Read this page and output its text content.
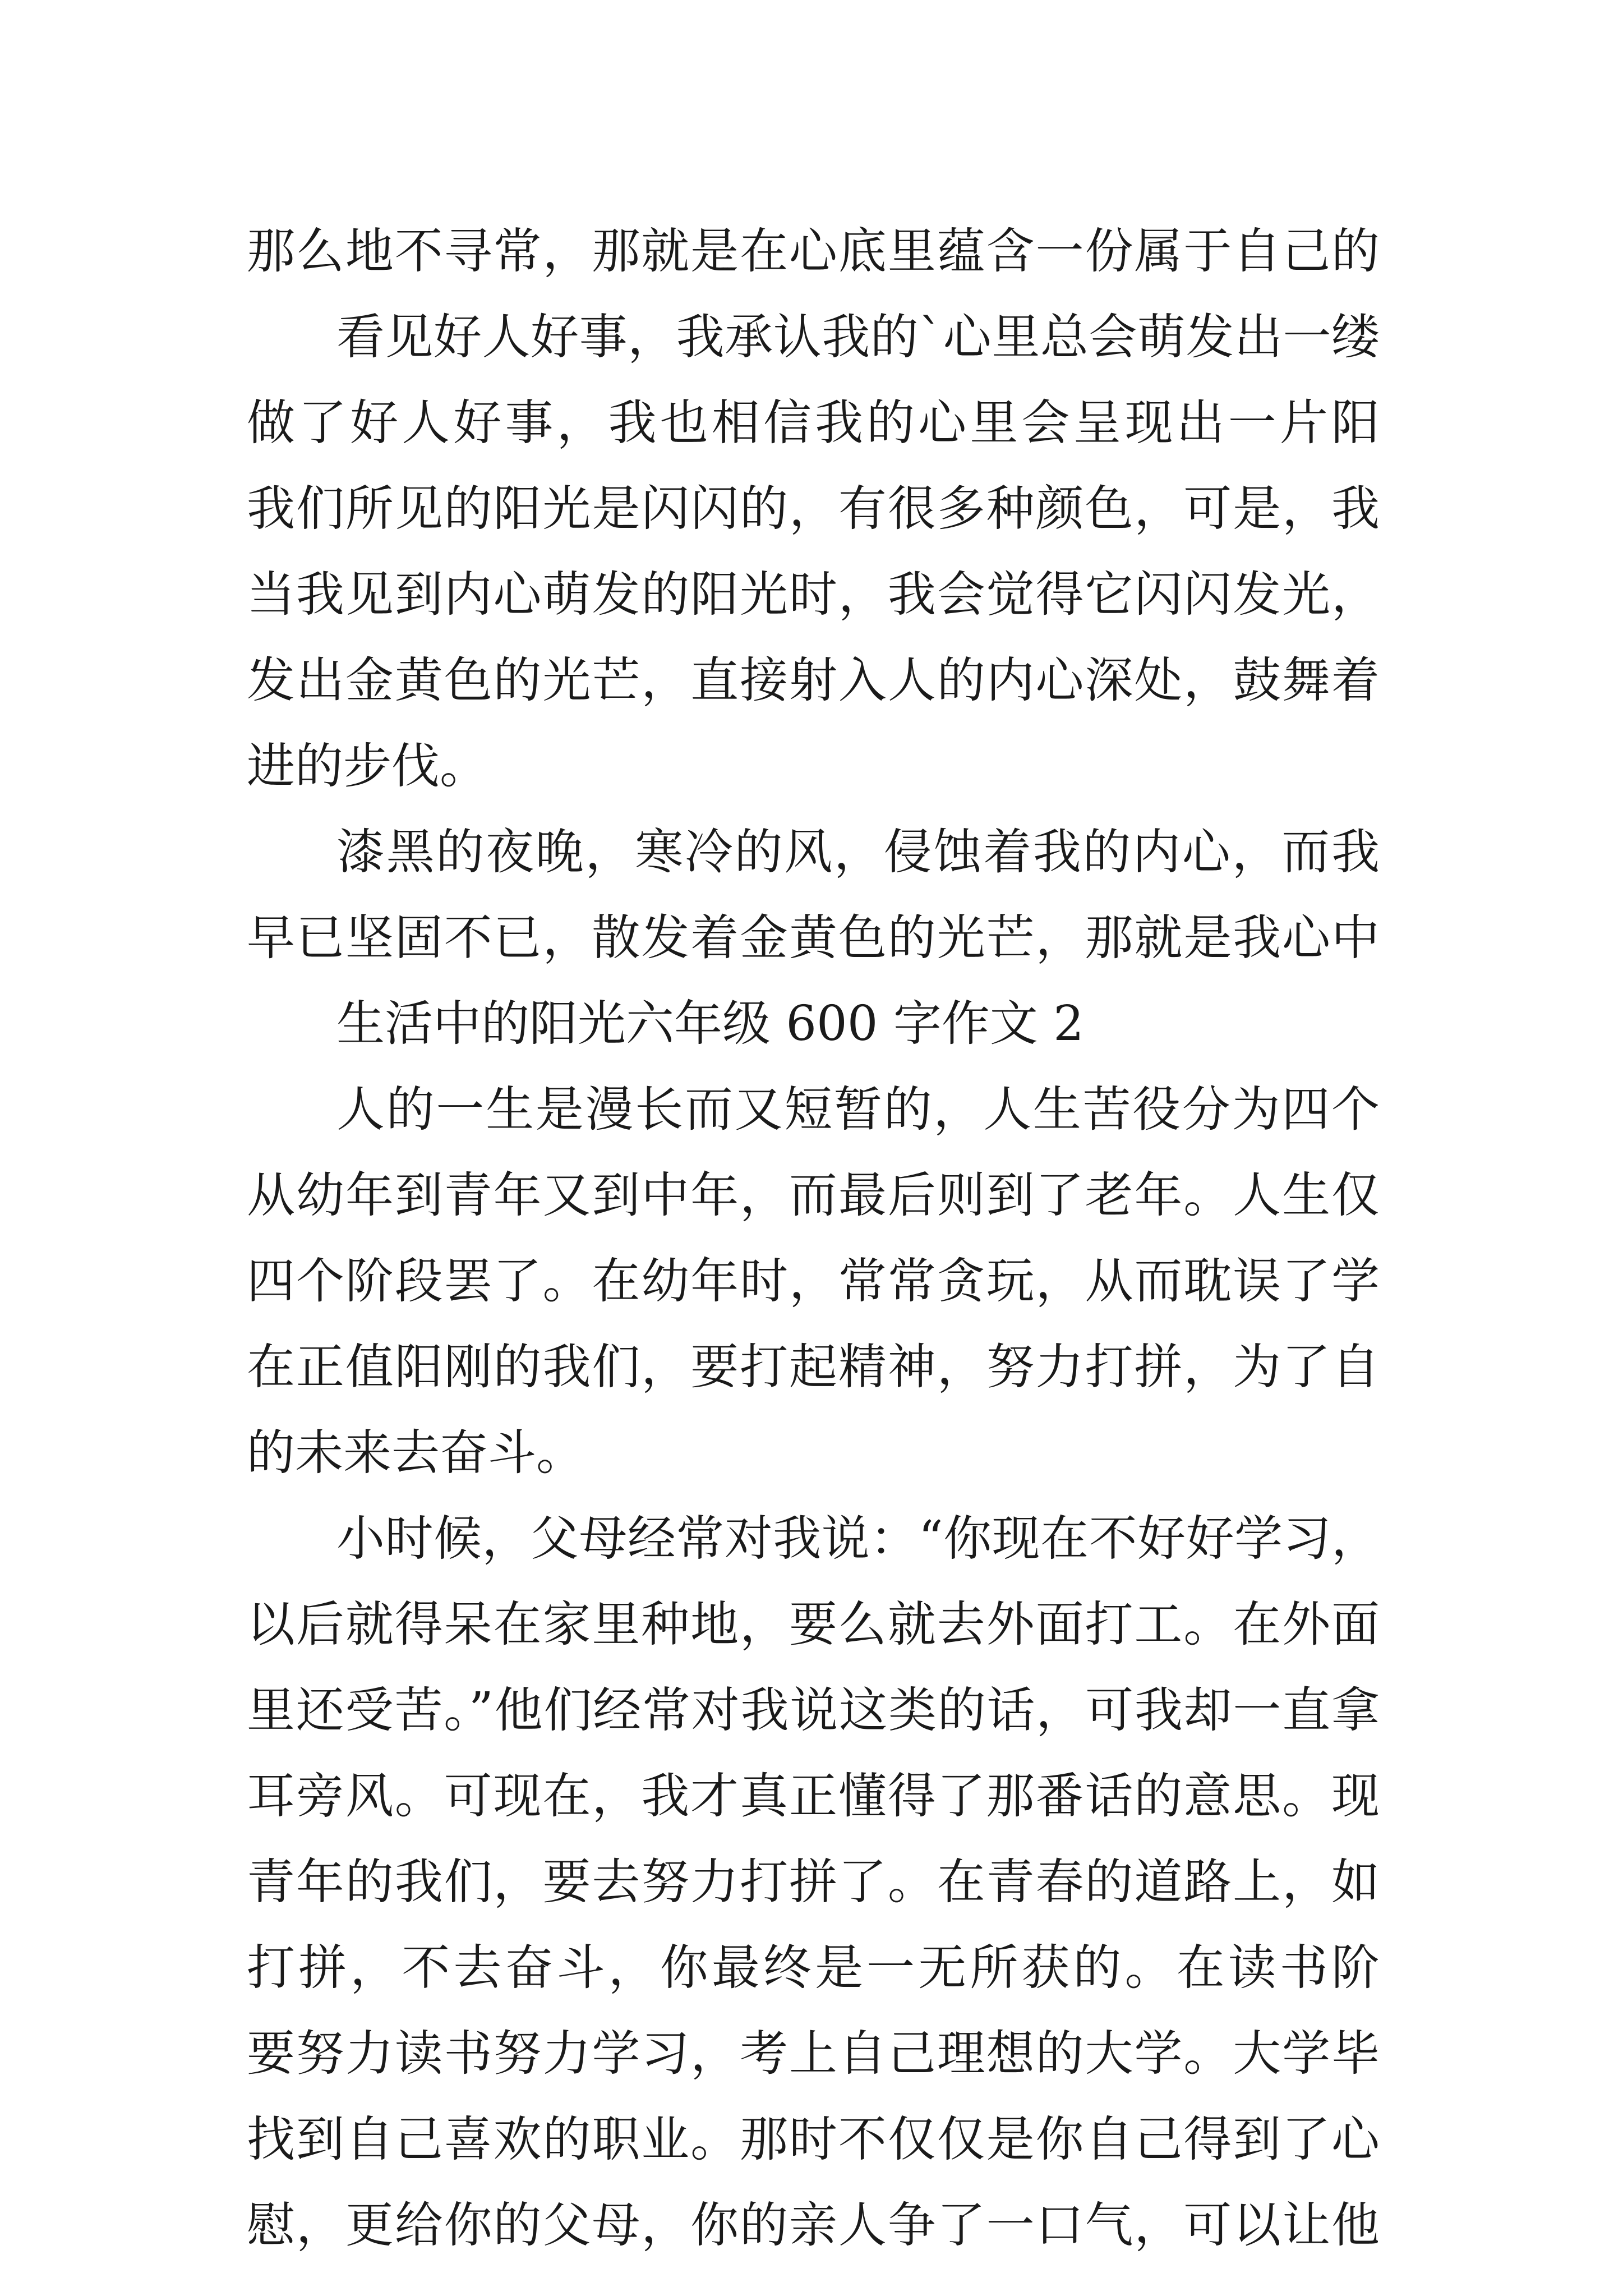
那么地不寻常，那就是在心底里蕴含一份属于自己的
看见好人好事，我承认我的`心里总会萌发出一缕
做了好人好事，我也相信我的心里会呈现出一片阳
我们所见的阳光是闪闪的，有很多种颜色，可是，我
当我见到内心萌发的阳光时，我会觉得它闪闪发光，
发出金黄色的光芒，直接射入人的内心深处，鼓舞着
进的步伐。
漆黑的夜晚，寒冷的风，侵蚀着我的内心，而我
早已坚固不已，散发着金黄色的光芒，那就是我心中
生活中的阳光六年级 600 字作文 2
人的一生是漫长而又短暂的，人生苦役分为四个
从幼年到青年又到中年，而最后则到了老年。人生仅
四个阶段罢了。在幼年时，常常贪玩，从而耽误了学
在正值阳刚的我们，要打起精神，努力打拼，为了自
的未来去奋斗。
小时候，父母经常对我说：“你现在不好好学习，
以后就得呆在家里种地，要么就去外面打工。在外面
里还受苦。”他们经常对我说这类的话，可我却一直拿
耳旁风。可现在，我才真正懂得了那番话的意思。现
青年的我们，要去努力打拼了。在青春的道路上，如
打拼，不去奋斗，你最终是一无所获的。在读书阶
要努力读书努力学习，考上自己理想的大学。大学毕
找到自己喜欢的职业。那时不仅仅是你自己得到了心
慰，更给你的父母，你的亲人争了一口气，可以让他
